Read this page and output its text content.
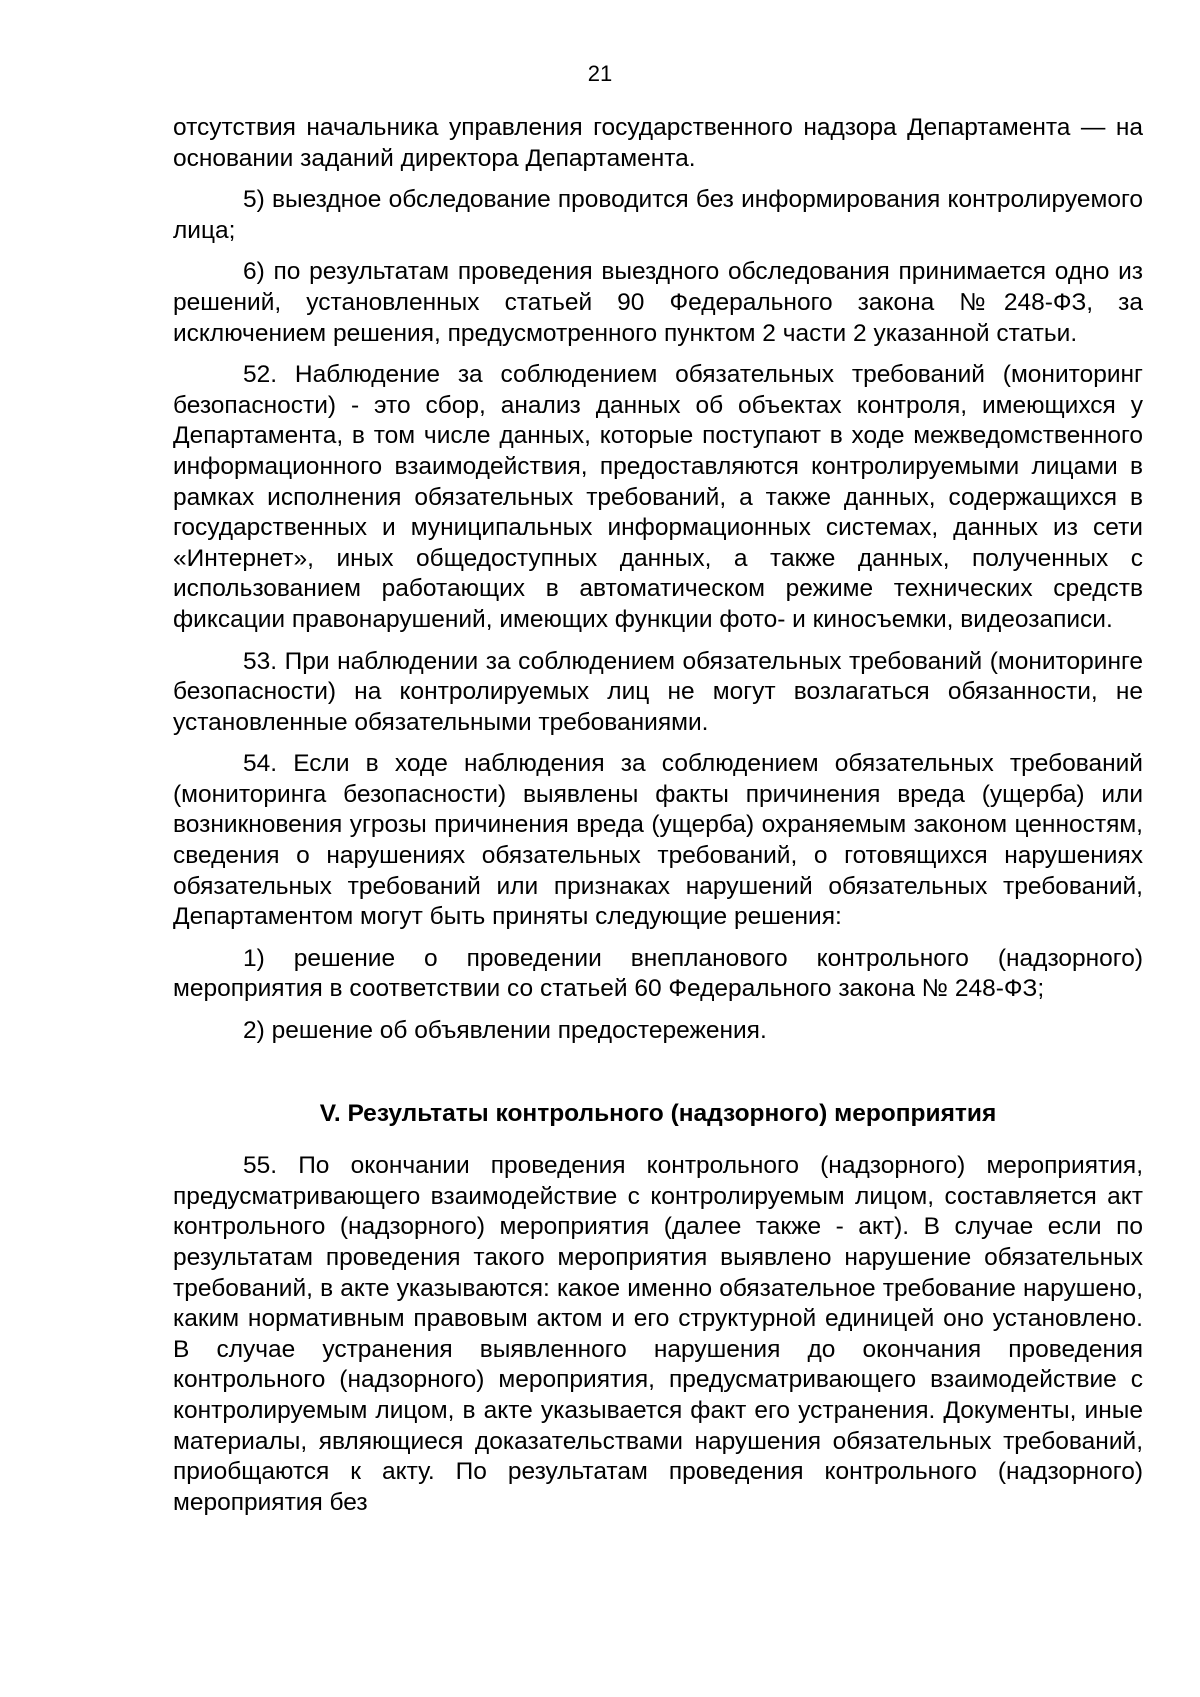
21

отсутствия начальника управления государственного надзора Департамента — на основании заданий директора Департамента.

5) выездное обследование проводится без информирования контролируемого лица;

6) по результатам проведения выездного обследования принимается одно из решений, установленных статьей 90 Федерального закона №248-ФЗ, за исключением решения, предусмотренного пунктом 2 части 2 указанной статьи.

52. Наблюдение за соблюдением обязательных требований (мониторинг безопасности) - это сбор, анализ данных об объектах контроля, имеющихся у Департамента, в том числе данных, которые поступают в ходе межведомственного информационного взаимодействия, предоставляются контролируемыми лицами в рамках исполнения обязательных требований, а также данных, содержащихся в государственных и муниципальных информационных системах, данных из сети «Интернет», иных общедоступных данных, а также данных, полученных с использованием работающих в автоматическом режиме технических средств фиксации правонарушений, имеющих функции фото- и киносъемки, видеозаписи.

53. При наблюдении за соблюдением обязательных требований (мониторинге безопасности) на контролируемых лиц не могут возлагаться обязанности, не установленные обязательными требованиями.

54. Если в ходе наблюдения за соблюдением обязательных требований (мониторинга безопасности) выявлены факты причинения вреда (ущерба) или возникновения угрозы причинения вреда (ущерба) охраняемым законом ценностям, сведения о нарушениях обязательных требований, о готовящихся нарушениях обязательных требований или признаках нарушений обязательных требований, Департаментом могут быть приняты следующие решения:

1) решение о проведении внепланового контрольного (надзорного) мероприятия в соответствии со статьей 60 Федерального закона № 248-ФЗ;

2) решение об объявлении предостережения.

V. Результаты контрольного (надзорного) мероприятия

55. По окончании проведения контрольного (надзорного) мероприятия, предусматривающего взаимодействие с контролируемым лицом, составляется акт контрольного (надзорного) мероприятия (далее также - акт). В случае если по результатам проведения такого мероприятия выявлено нарушение обязательных требований, в акте указываются: какое именно обязательное требование нарушено, каким нормативным правовым актом и его структурной единицей оно установлено. В случае устранения выявленного нарушения до окончания проведения контрольного (надзорного) мероприятия, предусматривающего взаимодействие с контролируемым лицом, в акте указывается факт его устранения. Документы, иные материалы, являющиеся доказательствами нарушения обязательных требований, приобщаются к акту. По результатам проведения контрольного (надзорного) мероприятия без
